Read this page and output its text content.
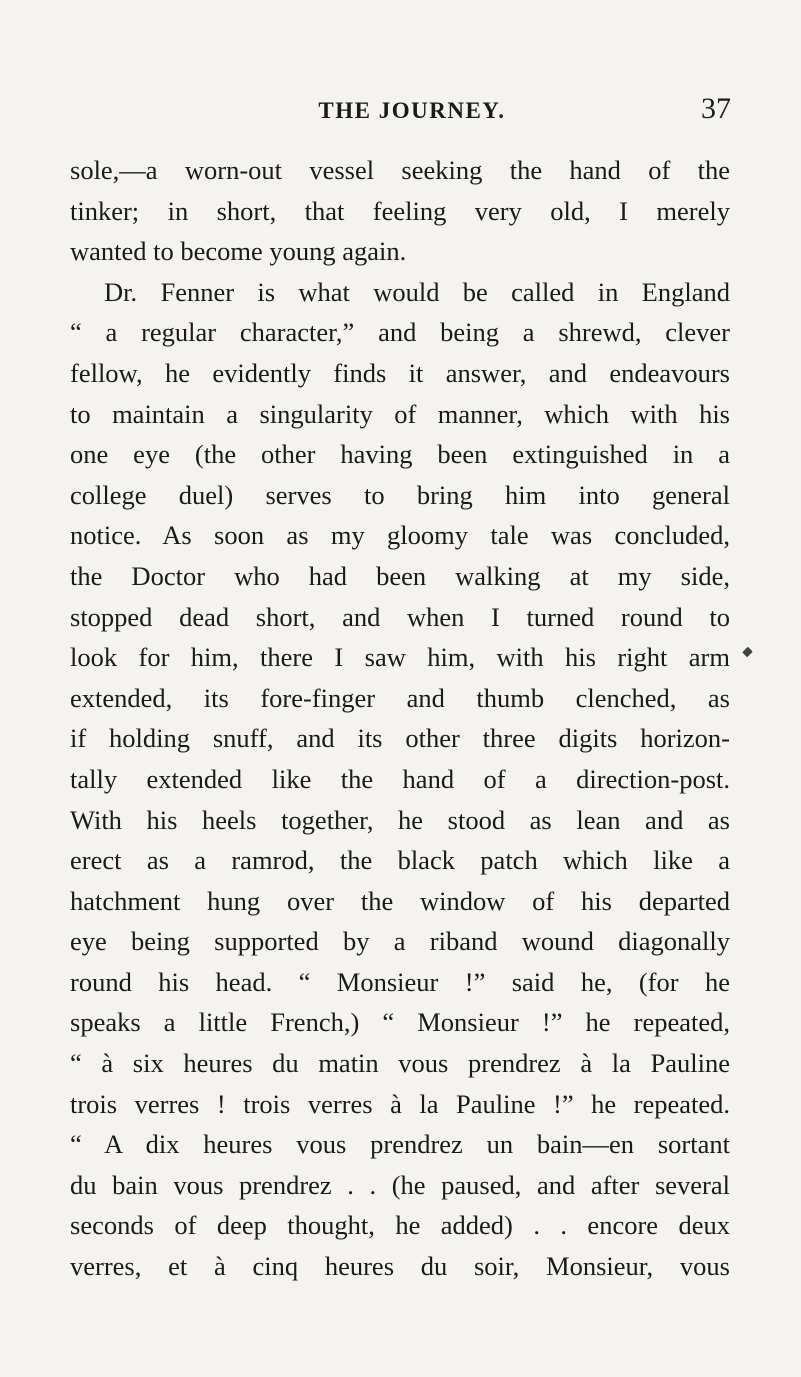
THE JOURNEY.	37
sole,—a worn-out vessel seeking the hand of the
tinker; in short, that feeling very old, I merely
wanted to become young again.
Dr. Fenner is what would be called in England
“ a regular character,” and being a shrewd, clever
fellow, he evidently finds it answer, and endeavours
to maintain a singularity of manner, which with his
one eye (the other having been extinguished in a
college duel) serves to bring him into general
notice. As soon as my gloomy tale was concluded,
the Doctor who had been walking at my side,
stopped dead short, and when I turned round to
look for him, there I saw him, with his right arm
extended, its fore-finger and thumb clenched, as
if holding snuff, and its other three digits horizon-
tally extended like the hand of a direction-post.
With his heels together, he stood as lean and as
erect as a ramrod, the black patch which like a
hatchment hung over the window of his departed
eye being supported by a riband wound diagonally
round his head. “ Monsieur !” said he, (for he
speaks a little French,) “ Monsieur !” he repeated,
“ à six heures du matin vous prendrez à la Pauline
trois verres ! trois verres à la Pauline !” he repeated.
“ A dix heures vous prendrez un bain—en sortant
du bain vous prendrez . . (he paused, and after several
seconds of deep thought, he added) . . encore deux
verres, et à cinq heures du soir, Monsieur, vous
